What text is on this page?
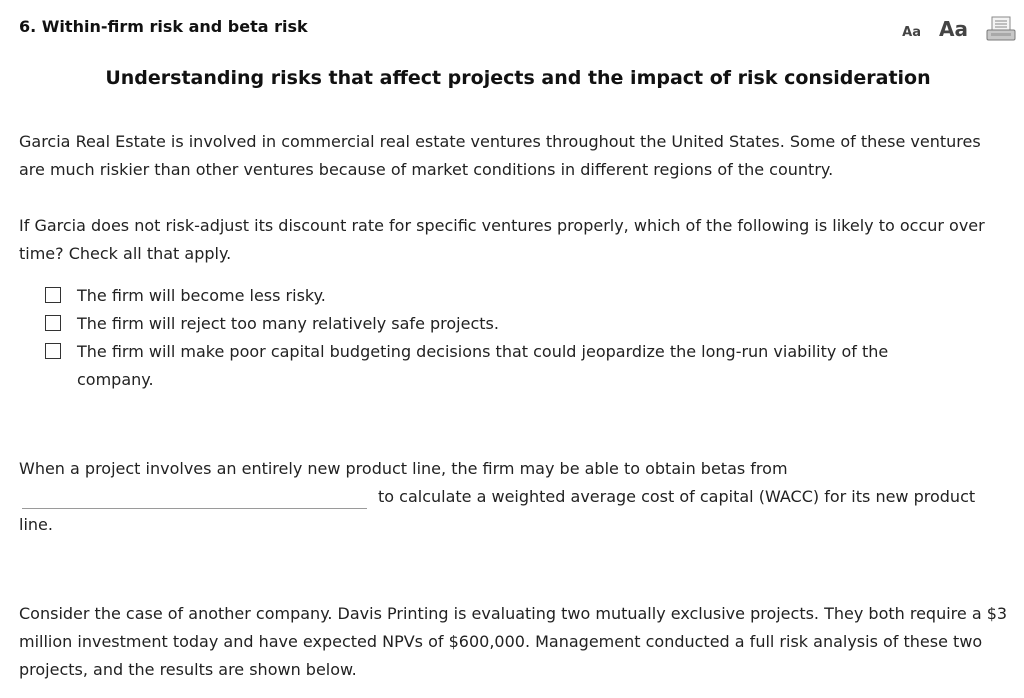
6. Within-firm risk and beta risk	Aa Aa
Understanding risks that affect projects and the impact of risk consideration
Garcia Real Estate is involved in commercial real estate ventures throughout the United States. Some of these ventures are much riskier than other ventures because of market conditions in different regions of the country.
If Garcia does not risk-adjust its discount rate for specific ventures properly, which of the following is likely to occur over time? Check all that apply.
The firm will become less risky.
The firm will reject too many relatively safe projects.
The firm will make poor capital budgeting decisions that could jeopardize the long-run viability of the company.
When a project involves an entirely new product line, the firm may be able to obtain betas from
to calculate a weighted average cost of capital (WACC) for its new product
line.
Consider the case of another company. Davis Printing is evaluating two mutually exclusive projects. They both require a $3 million investment today and have expected NPVs of $600,000. Management conducted a full risk analysis of these two projects, and the results are shown below.
